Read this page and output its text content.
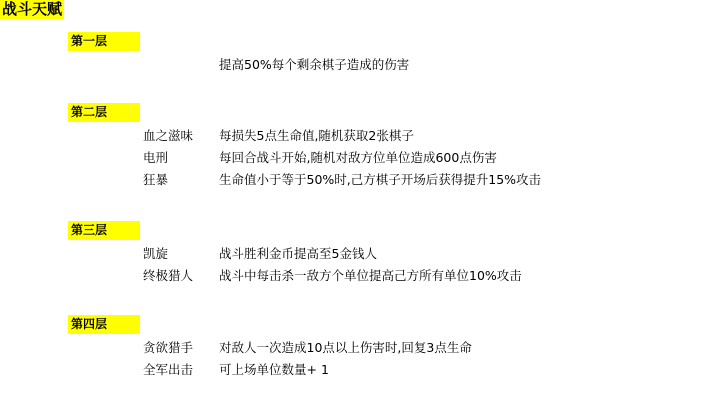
战斗天赋
第一层
提高50%每个剩余棋子造成的伤害
第二层
血之滋味	每损失5点生命值,随机获取2张棋子
电刑	每回合战斗开始,随机对敌方位单位造成600点伤害
狂暴	生命值小于等于50%时,己方棋子开场后获得提升15%攻击
第三层
凯旋	战斗胜利金币提高至5金钱人
终极猎人	战斗中每击杀一敌方个单位提高己方所有单位10%攻击
第四层
贪欲猎手	对敌人一次造成10点以上伤害时,回复3点生命
全军出击	可上场单位数量+ 1
